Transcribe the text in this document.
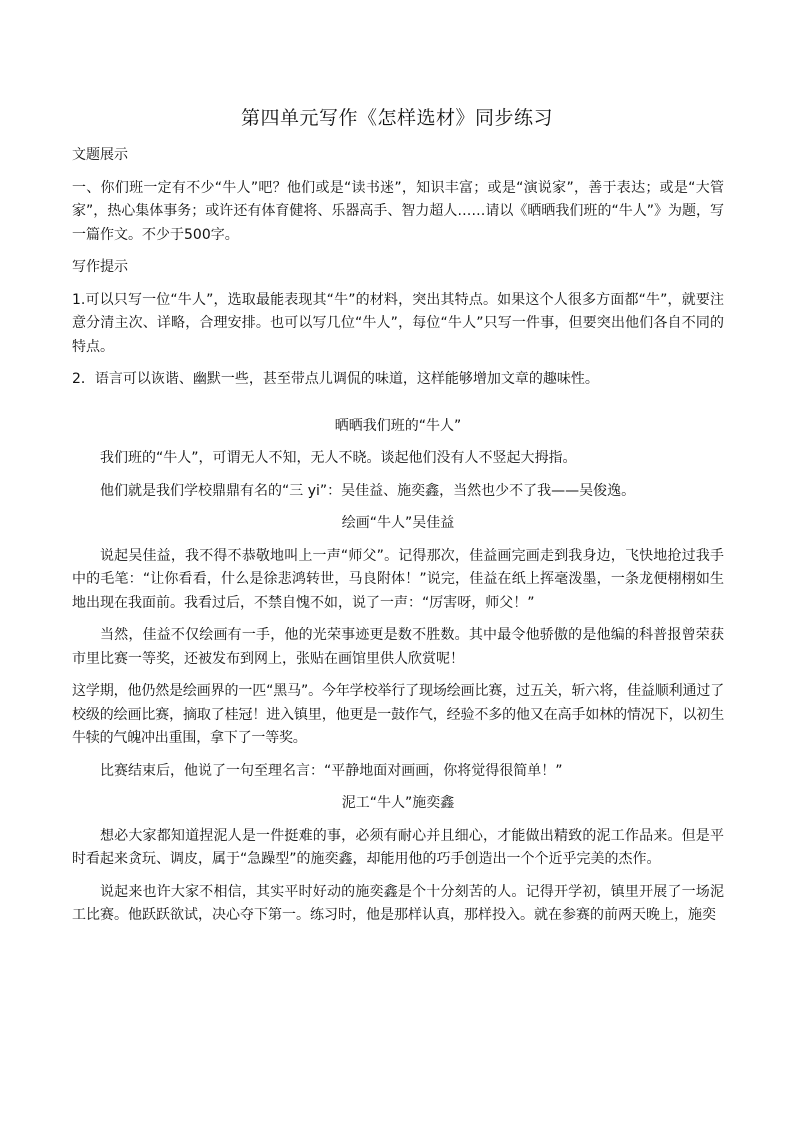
第四单元写作《怎样选材》同步练习

文题展示

一、你们班一定有不少“牛人”吧？他们或是“读书迷”，知识丰富；或是“演说家”，善于表达；或是“大管家”，热心集体事务；或许还有体育健将、乐器高手、智力超人……请以《晒晒我们班的“牛人”》为题，写一篇作文。不少于500字。

写作提示

1.可以只写一位“牛人”，选取最能表现其“牛”的材料，突出其特点。如果这个人很多方面都“牛”，就要注意分清主次、详略，合理安排。也可以写几位“牛人”，每位“牛人”只写一件事，但要突出他们各自不同的特点。

2．语言可以诙谐、幽默一些，甚至带点儿调侃的味道，这样能够增加文章的趣味性。

晒晒我们班的“牛人”

我们班的“牛人”，可谓无人不知，无人不晓。谈起他们没有人不竖起大拇指。

他们就是我们学校鼎鼎有名的“三 yi”：吴佳益、施奕鑫，当然也少不了我——吴俊逸。

绘画“牛人”吴佳益

说起吴佳益，我不得不恭敬地叫上一声“师父”。记得那次，佳益画完画走到我身边，飞快地抢过我手中的毛笔：“让你看看，什么是徐悲鸿转世，马良附体！”说完，佳益在纸上挥毫泼墨，一条龙便栩栩如生地出现在我面前。我看过后，不禁自愧不如，说了一声：“厉害呀，师父！”

当然，佳益不仅绘画有一手，他的光荣事迹更是数不胜数。其中最令他骄傲的是他编的科普报曾荣获市里比赛一等奖，还被发布到网上，张贴在画馆里供人欣赏呢！

这学期，他仍然是绘画界的一匹“黑马”。今年学校举行了现场绘画比赛，过五关，斩六将，佳益顺利通过了校级的绘画比赛，摘取了桂冠！进入镇里，他更是一鼓作气，经验不多的他又在高手如林的情况下，以初生牛犊的气魄冲出重围，拿下了一等奖。

比赛结束后，他说了一句至理名言：“平静地面对画画，你将觉得很简单！”

泥工“牛人”施奕鑫

想必大家都知道捏泥人是一件挺难的事，必须有耐心并且细心，才能做出精致的泥工作品来。但是平时看起来贪玩、调皮，属于“急躁型”的施奕鑫，却能用他的巧手创造出一个个近乎完美的杰作。

说起来也许大家不相信，其实平时好动的施奕鑫是个十分刻苦的人。记得开学初，镇里开展了一场泥工比赛。他跃跃欲试，决心夺下第一。练习时，他是那样认真，那样投入。就在参赛的前两天晚上，施奕
